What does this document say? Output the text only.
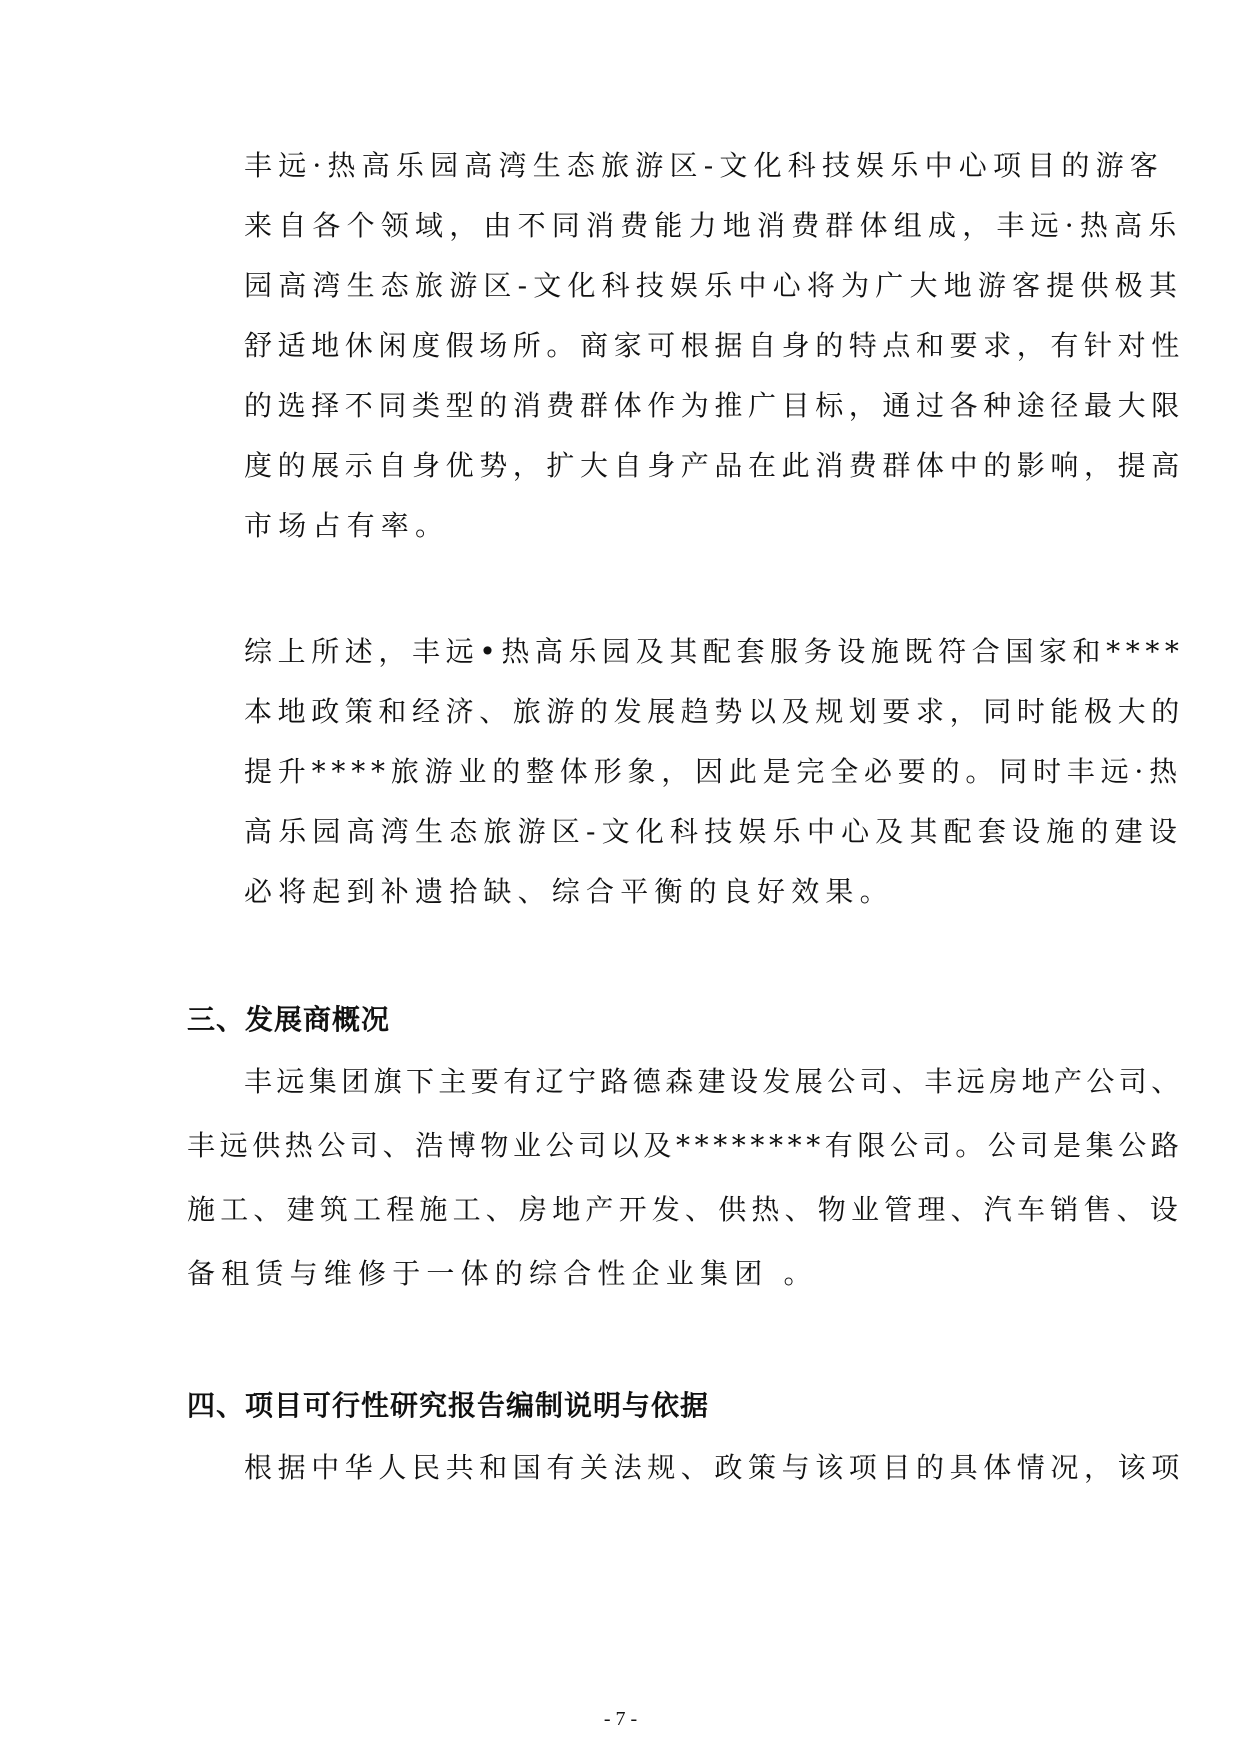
丰远·热高乐园高湾生态旅游区-文化科技娱乐中心项目的游客
来自各个领域，由不同消费能力地消费群体组成，丰远·热高乐
园高湾生态旅游区-文化科技娱乐中心将为广大地游客提供极其
舒适地休闲度假场所。商家可根据自身的特点和要求，有针对性
的选择不同类型的消费群体作为推广目标，通过各种途径最大限
度的展示自身优势，扩大自身产品在此消费群体中的影响，提高
市场占有率。
综上所述，丰远•热高乐园及其配套服务设施既符合国家和****
本地政策和经济、旅游的发展趋势以及规划要求，同时能极大的
提升****旅游业的整体形象，因此是完全必要的。同时丰远·热
高乐园高湾生态旅游区-文化科技娱乐中心及其配套设施的建设
必将起到补遗拾缺、综合平衡的良好效果。
三、发展商概况
丰远集团旗下主要有辽宁路德森建设发展公司、丰远房地产公司、
丰远供热公司、浩博物业公司以及********有限公司。公司是集公路
施工、建筑工程施工、房地产开发、供热、物业管理、汽车销售、设
备租赁与维修于一体的综合性企业集团 。
四、项目可行性研究报告编制说明与依据
根据中华人民共和国有关法规、政策与该项目的具体情况，该项
- 7 -
